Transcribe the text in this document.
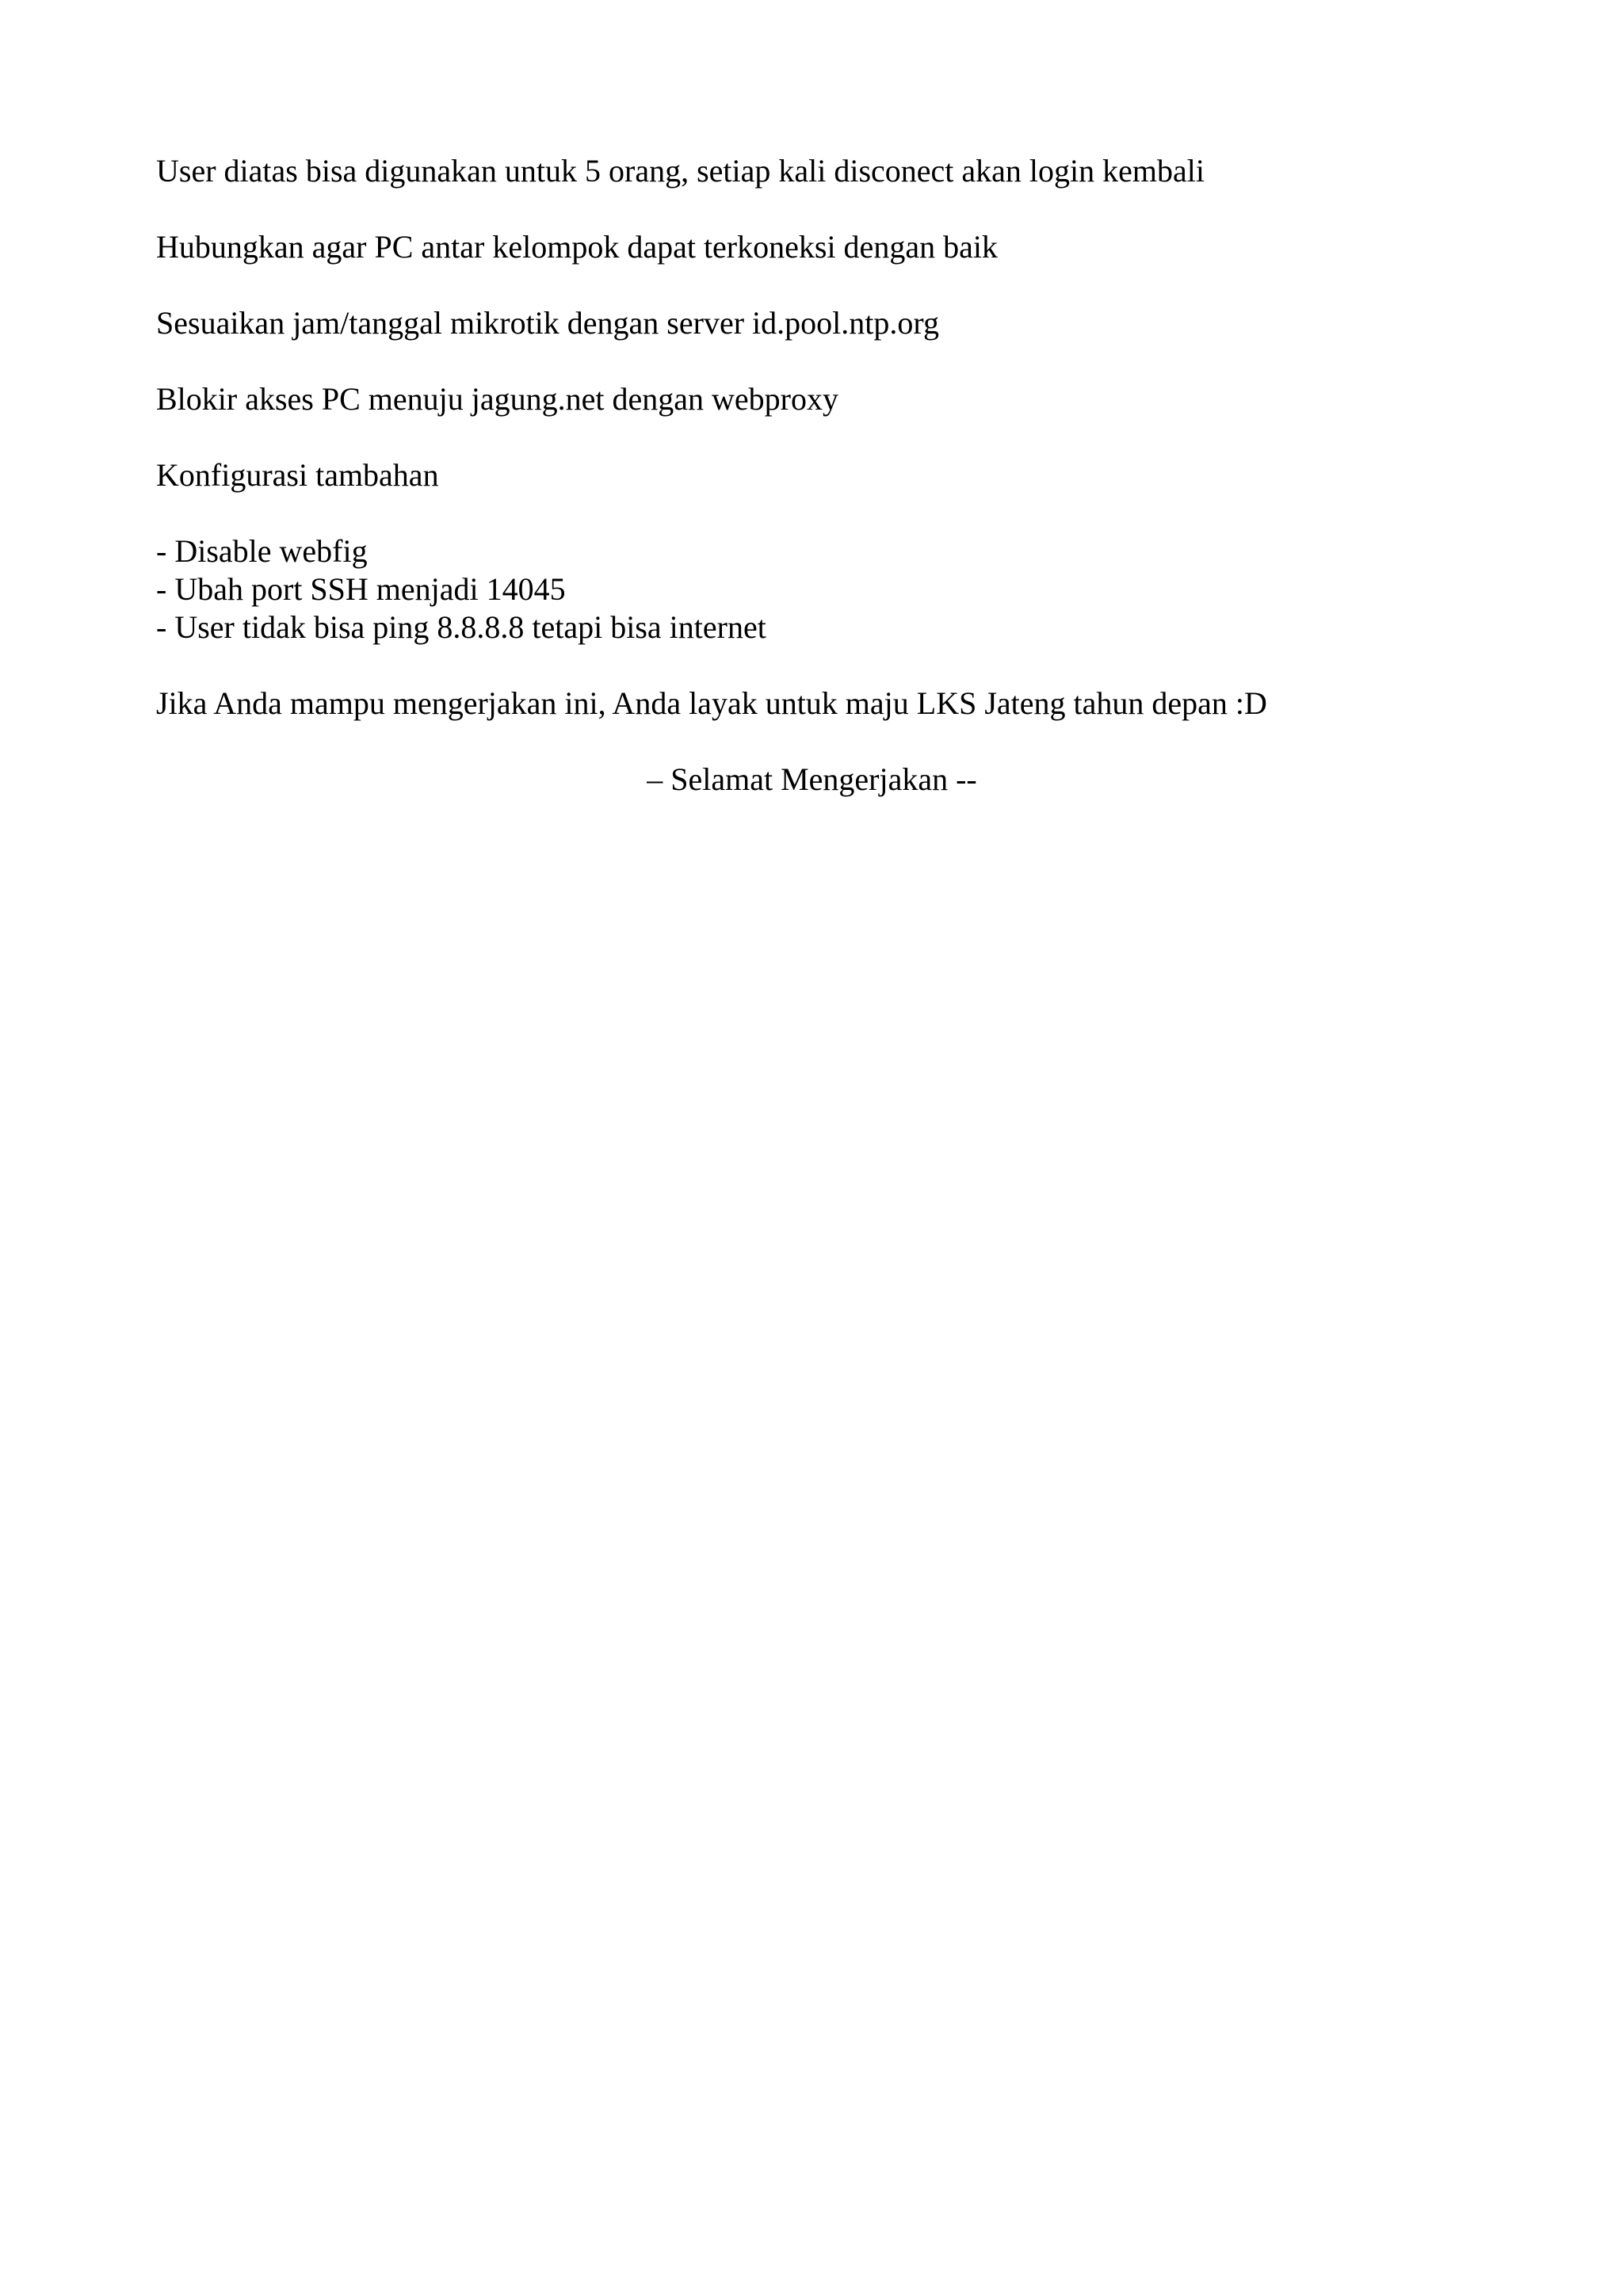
User diatas bisa digunakan untuk 5 orang, setiap kali disconect akan login kembali

Hubungkan agar PC antar kelompok dapat terkoneksi dengan baik

Sesuaikan jam/tanggal mikrotik dengan server id.pool.ntp.org

Blokir akses PC menuju jagung.net dengan webproxy

Konfigurasi tambahan

- Disable webfig
- Ubah port SSH menjadi 14045
- User tidak bisa ping 8.8.8.8 tetapi bisa internet

Jika Anda mampu mengerjakan ini, Anda layak untuk maju LKS Jateng tahun depan :D

– Selamat Mengerjakan --
